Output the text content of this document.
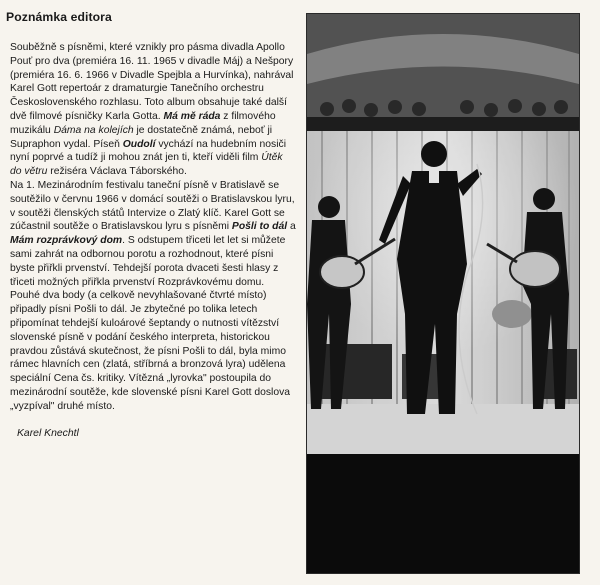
Poznámka editora
Souběžně s písněmi, které vznikly pro pásma divadla Apollo Pouť pro dva (premiéra 16. 11. 1965 v divadle Máj) a Nešpory (premiéra 16. 6. 1966 v Divadle Spejbla a Hurvínka), nahrával Karel Gott repertoár z dramaturgie Tanečního orchestru Československého rozhlasu. Toto album obsahuje také další dvě filmové písničky Karla Gotta. Má mě ráda z filmového muzikálu Dáma na kolejích je dostatečně známá, neboť ji Supraphon vydal. Píseň Oudolí vychází na hudebním nosiči nyní poprvé a tudíž ji mohou znát jen ti, kteří viděli film Útěk do větru režiséra Václava Táborského.
Na 1. Mezinárodním festivalu taneční písně v Bratislavě se soutěžilo v červnu 1966 v domácí soutěži o Bratislavskou lyru, v soutěži členských států Intervize o Zlatý klíč. Karel Gott se zúčastnil soutěže o Bratislavskou lyru s písněmi Pošli to dál a Mám rozprávkový dom. S odstupem třiceti let let si můžete sami zahrát na odbornou porotu a rozhodnout, které písni byste přiřkli prvenství. Tehdejší porota dvaceti šesti hlasy z třiceti možných přiřkla prvenství Rozprávkovému domu. Pouhé dva body (a celkově nevyhlašované čtvrté místo) připadly písni Pošli to dál. Je zbytečné po tolika letech připomínat tehdejší kuloárové šeptandy o nutnosti vítězství slovenské písně v podání českého interpreta, historickou pravdou zůstává skutečnost, že písni Pošli to dál, byla mimo rámec hlavních cen (zlatá, stříbrná a bronzová lyra) udělena speciální Cena čs. kritiky. Vítězná „lyrovka" postoupila do mezinárodní soutěže, kde slovenské písni Karel Gott doslova „vyzpíval" druhé místo.
Karel Knechtl
